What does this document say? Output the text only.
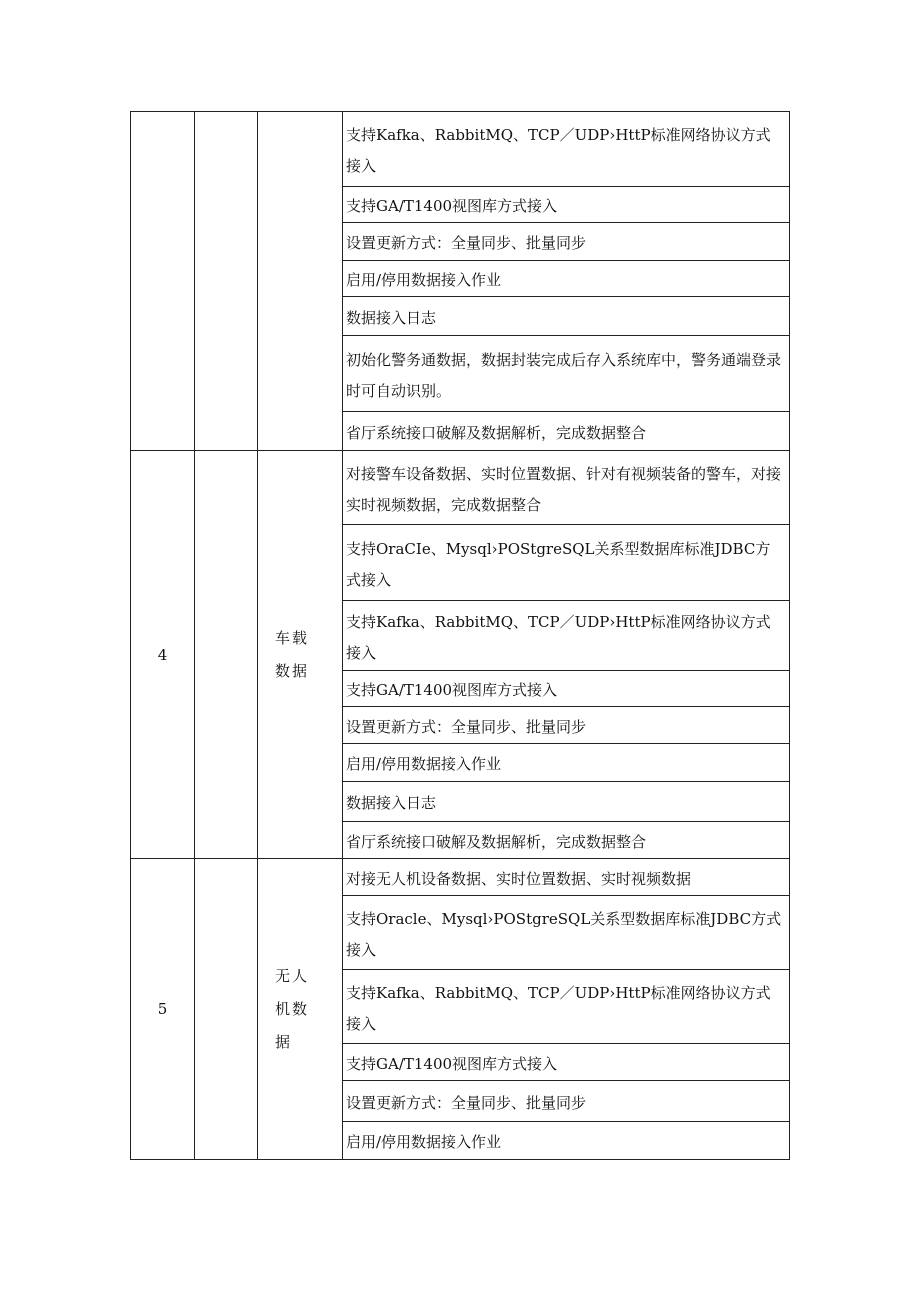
			支持Kafka、RabbitMQ、TCP／UDP›HttP标准网络协议方式接入

			支持GA/T1400视图库方式接入

			设置更新方式：全量同步、批量同步

			启用/停用数据接入作业

			数据接入日志

			初始化警务通数据，数据封装完成后存入系统库中，警务通端登录时可自动识别。

			省厅系统接口破解及数据解析，完成数据整合

4		车载数据	对接警车设备数据、实时位置数据、针对有视频装备的警车，对接实时视频数据，完成数据整合

			支持OraCIe、Mysql›POStgreSQL关系型数据库标准JDBC方式接入

			支持Kafka、RabbitMQ、TCP／UDP›HttP标准网络协议方式接入

			支持GA/T1400视图库方式接入

			设置更新方式：全量同步、批量同步

			启用/停用数据接入作业

			数据接入日志

			省厅系统接口破解及数据解析，完成数据整合

5		无人机数据	对接无人机设备数据、实时位置数据、实时视频数据

			支持Oracle、Mysql›POStgreSQL关系型数据库标准JDBC方式接入

			支持Kafka、RabbitMQ、TCP／UDP›HttP标准网络协议方式接入

			支持GA/T1400视图库方式接入

			设置更新方式：全量同步、批量同步

			启用/停用数据接入作业
